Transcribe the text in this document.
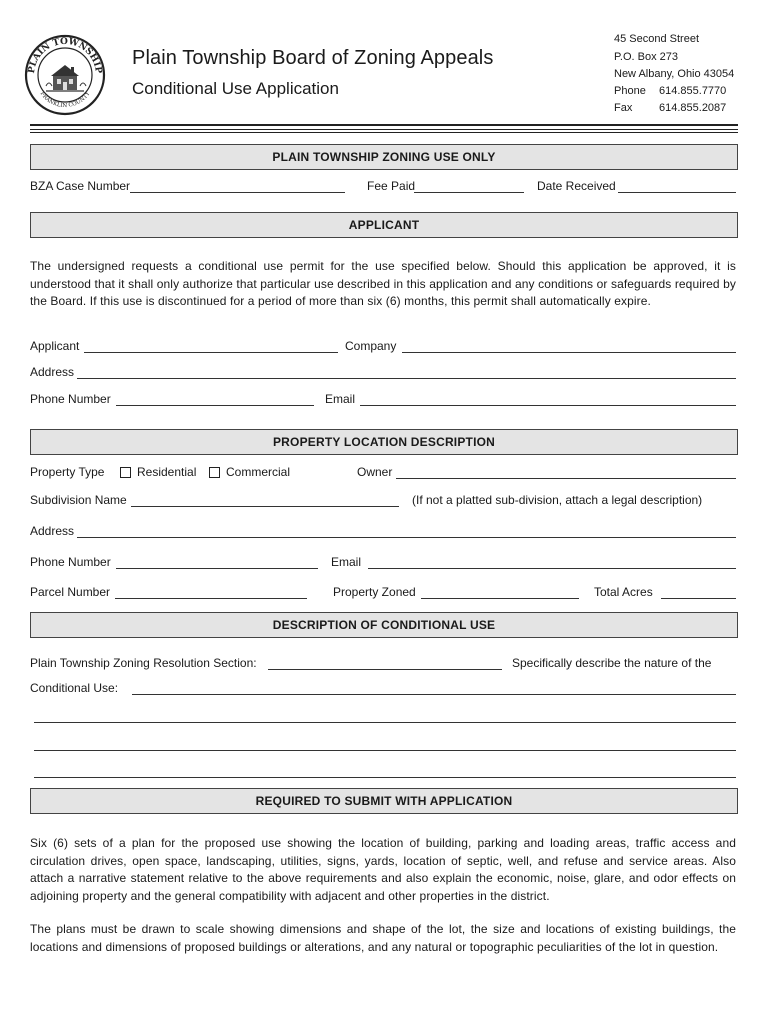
PLAIN TOWNSHIP
FRANKLIN COUNTY
Plain Township Board of Zoning Appeals
Conditional Use Application
45 Second Street
P.O. Box 273
New Albany, Ohio 43054
Phone 614.855.7770
Fax 614.855.2087
PLAIN TOWNSHIP ZONING USE ONLY
BZA Case Number	Fee Paid	Date Received
APPLICANT
The undersigned requests a conditional use permit for the use specified below. Should this application be approved, it is understood that it shall only authorize that particular use described in this application and any conditions or safeguards required by the Board. If this use is discontinued for a period of more than six (6) months, this permit shall automatically expire.
Applicant	Company
Address
Phone Number	Email
PROPERTY LOCATION DESCRIPTION
Property Type	Residential Commercial	Owner
Subdivision Name	(If not a platted sub-division, attach a legal description)
Address
Phone Number	Email
Parcel Number	Property Zoned	Total Acres
DESCRIPTION OF CONDITIONAL USE
Plain Township Zoning Resolution Section:	Specifically describe the nature of the
Conditional Use:
REQUIRED TO SUBMIT WITH APPLICATION
Six (6) sets of a plan for the proposed use showing the location of building, parking and loading areas, traffic access and circulation drives, open space, landscaping, utilities, signs, yards, location of septic, well, and refuse and service areas. Also attach a narrative statement relative to the above requirements and also explain the economic, noise, glare, and odor effects on adjoining property and the general compatibility with adjacent and other properties in the district.
The plans must be drawn to scale showing dimensions and shape of the lot, the size and locations of existing buildings, the locations and dimensions of proposed buildings or alterations, and any natural or topographic peculiarities of the lot in question.
